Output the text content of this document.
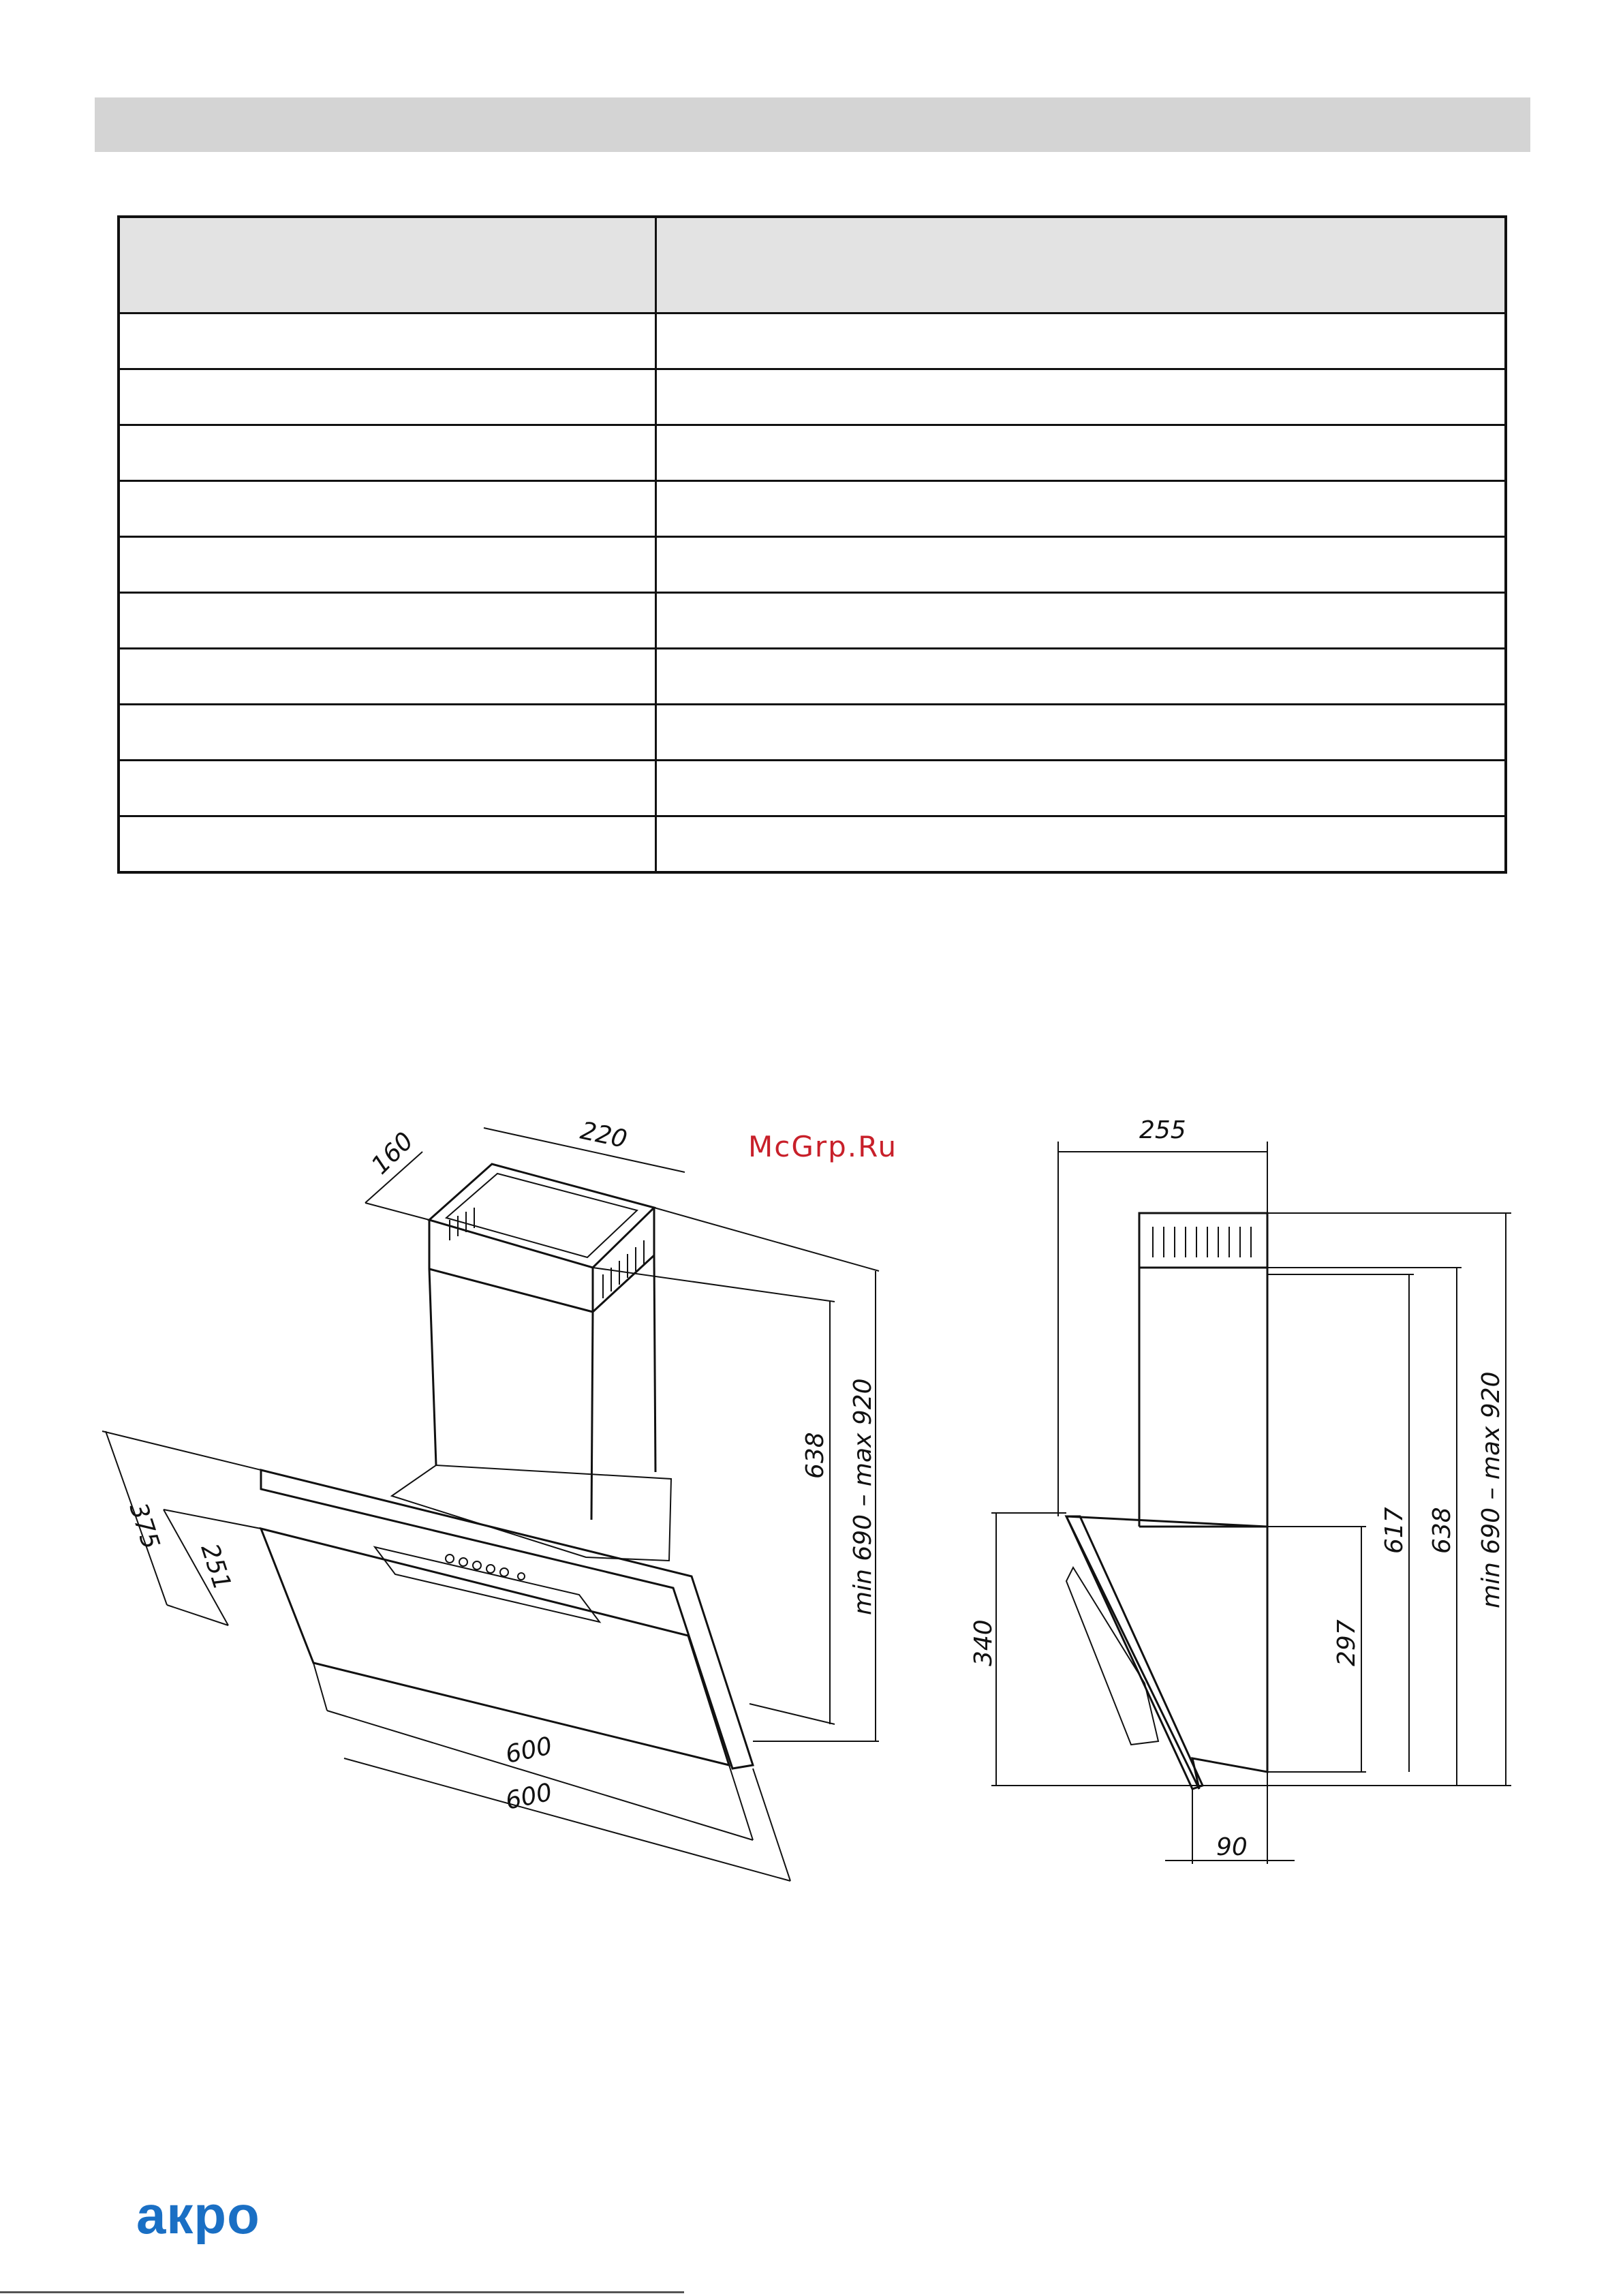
McGrp.Ru
160	220
min 690 – max 920
638
375
251
600
600
255
min 690 – max 920
638
617
297
340
90
акро
